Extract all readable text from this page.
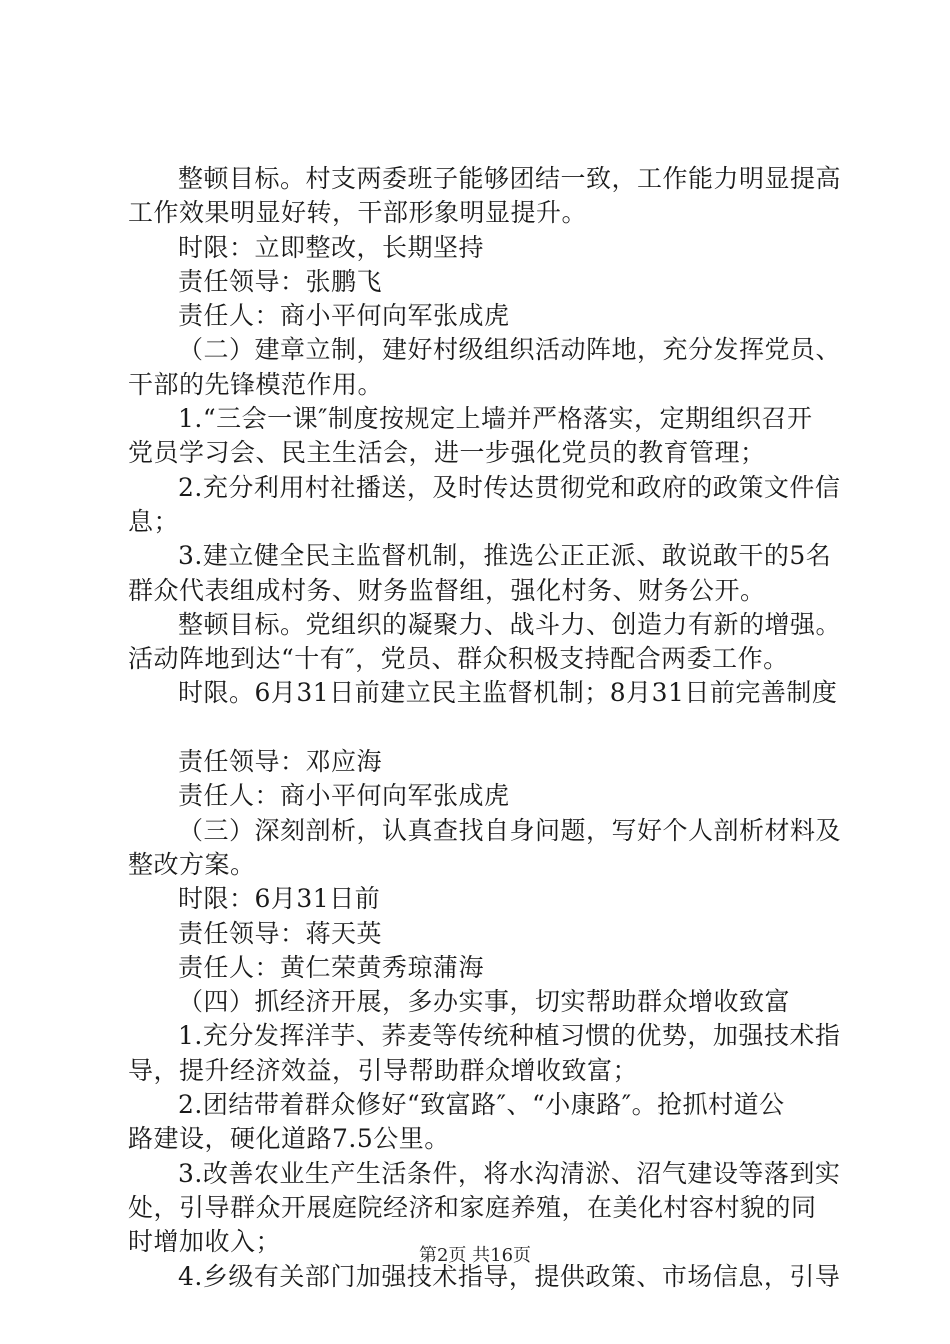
整顿目标。村支两委班子能够团结一致，工作能力明显提高
工作效果明显好转，干部形象明显提升。
时限：立即整改，长期坚持
责任领导：张鹏飞
责任人：商小平何向军张成虎
（二）建章立制，建好村级组织活动阵地，充分发挥党员、
干部的先锋模范作用。
1.“三会一课″制度按规定上墙并严格落实，定期组织召开
党员学习会、民主生活会，进一步强化党员的教育管理；
2.充分利用村社播送，及时传达贯彻党和政府的政策文件信
息；
3.建立健全民主监督机制，推选公正正派、敢说敢干的5名
群众代表组成村务、财务监督组，强化村务、财务公开。
整顿目标。党组织的凝聚力、战斗力、创造力有新的增强。
活动阵地到达“十有″，党员、群众积极支持配合两委工作。
时限。6月31日前建立民主监督机制；8月31日前完善制度
责任领导：邓应海
责任人：商小平何向军张成虎
（三）深刻剖析，认真查找自身问题，写好个人剖析材料及
整改方案。
时限：6月31日前
责任领导：蒋天英
责任人：黄仁荣黄秀琼蒲海
（四）抓经济开展，多办实事，切实帮助群众增收致富
1.充分发挥洋芋、荞麦等传统种植习惯的优势，加强技术指
导，提升经济效益，引导帮助群众增收致富；
2.团结带着群众修好“致富路″、“小康路″。抢抓村道公
路建设，硬化道路7.5公里。
3.改善农业生产生活条件，将水沟清淤、沼气建设等落到实
处，引导群众开展庭院经济和家庭养殖，在美化村容村貌的同
时增加收入；
4.乡级有关部门加强技术指导，提供政策、市场信息，引导
第2页 共16页
